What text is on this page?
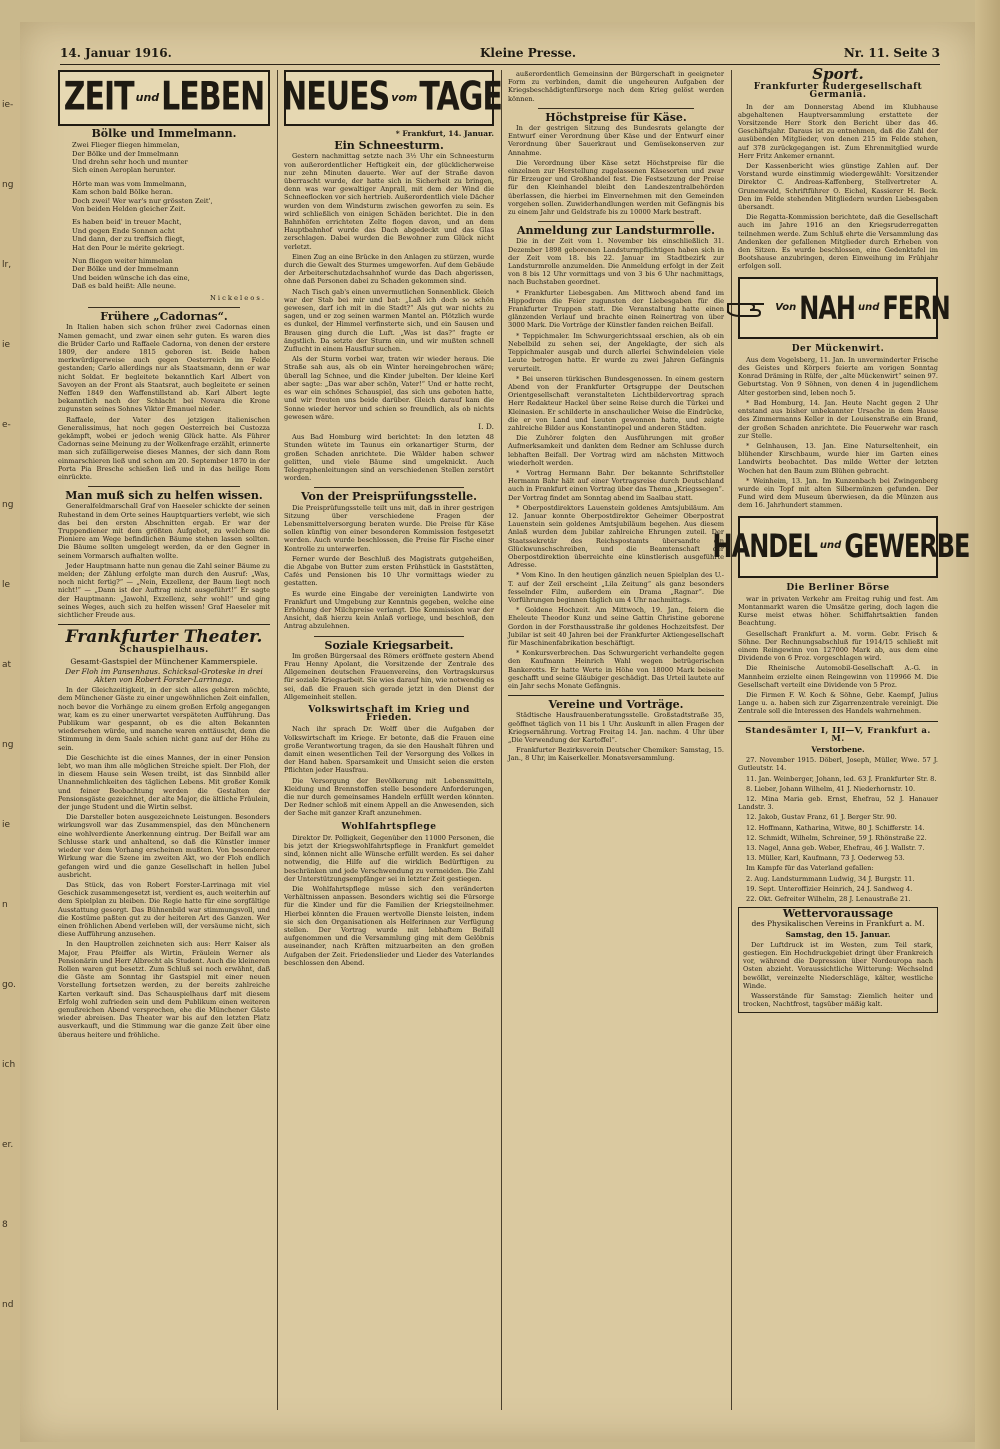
ie-
ng
lr,
ie
e-
ng
le
at
ng
ie
n
go.
ich
er.
8
nd
14. Januar 1916.	Kleine Presse.	Nr. 11. Seite 3
ZEIT und LEBEN
Bölke und Immelmann.
Zwei Flieger fliegen himmelan,
Der Bölke und der Immelmann
Und drehn sehr hoch und munter
Sich einen Aeroplan herunter.
Hörte man was vom Immelmann,
Kam schon bald Bölke heran.
Doch zwei! Wer war's nur grössten Zeit',
Von beiden Helden gleicher Zeit.
Es haben beid' in treuer Macht,
Und gegen Ende Sonnen acht
Und dann, der zu treffsich fliegt,
Hat den Pour le mérite gekriegt.
Nun fliegen weiter himmelan
Der Bölke und der Immelmann
Und beiden wünsche ich das eine,
Daß es bald heißt: Alle neune.
Nickeleos.
Frühere „Cadornas“.

In Italien haben sich schon früher zwei Cadornas einen Namen gemacht, und zwar einen sehr guten. Es waren dies die Brüder Carlo und Raffaele Cadorna, von denen der erstere 1809, der andere 1815 geboren ist. Beide haben merkwürdigerweise auch gegen Oesterreich im Felde gestanden; Carlo allerdings nur als Staatsmann, denn er war nicht Soldat. Er begleitete bekanntlich Karl Albert von Savoyen an der Front als Staatsrat, auch begleitete er seinen Neffen 1849 den Waffenstillstand ab. Karl Albert legte bekanntlich nach der Schlacht bei Novara die Krone zugunsten seines Sohnes Viktor Emanuel nieder.

Raffaele, der Vater des jetzigen italienischen Generalissimus, hat noch gegen Oesterreich bei Custozza gekämpft, wobei er jedoch wenig Glück hatte. Als Führer Cadornas seine Meinung zu der Wolkenfrage erzählt, erinnerte man sich zufälligerweise dieses Mannes, der sich dann Rom einmarschieren ließ und schon am 20. September 1870 in der Porta Pia Bresche schießen ließ und in das heilige Rom einrückte.

Man muß sich zu helfen wissen.

Generalfeldmarschall Graf von Haeseler schickte der seinen Ruhestand in dem Orte seines Hauptquartiers verlebt, wie sich das bei den ersten Abschnitten ergab. Er war der Truppendiener mit dem größten Aufgebot, zu welchem die Pioniere am Wege befindlichen Bäume stehen lassen sollten. Die Bäume sollten umgelegt werden, da er den Gegner in seinem Vormarsch aufhalten wollte.

Jeder Hauptmann hatte nun genau die Zahl seiner Bäume zu melden; der Zählung erfolgte man durch den Ausruf: „Was, noch nicht fertig?“ — „Nein, Exzellenz, der Baum liegt noch nicht!“ — „Dann ist der Auftrag nicht ausgeführt!“ Er sagte der Hauptmann: „Jawohl, Exzellenz, sehr wohl!“ und ging seines Weges, auch sich zu helfen wissen! Graf Haeseler mit sichtlicher Freude aus.

Frankfurter Theater.
Schauspielhaus.
Gesamt-Gastspiel der Münchener Kammerspiele.
Der Floh im Pansenhaus. Schicksal-Groteske in drei Akten von Robert Forster-Larrinaga.

In der Gleichzeitigkeit, in der sich alles gebären möchte, dem Münchener Gäste zu einer ungewöhnlichen Zeit einfallen, noch bevor die Vorhänge zu einem großen Erfolg angegangen war, kam es zu einer unerwartet verspäteten Aufführung. Das Publikum war gespannt, ob es die alten Bekannten wiedersehen würde, und manche waren enttäuscht, denn die Stimmung in dem Saale schien nicht ganz auf der Höhe zu sein.

Die Geschichte ist die eines Mannes, der in einer Pension lebt, wo man ihm alle möglichen Streiche spielt. Der Floh, der in diesem Hause sein Wesen treibt, ist das Sinnbild aller Unannehmlichkeiten des täglichen Lebens. Mit großer Komik und feiner Beobachtung werden die Gestalten der Pensionsgäste gezeichnet, der alte Major, die ältliche Fräulein, der junge Student und die Wirtin selbst.

Die Darsteller boten ausgezeichnete Leistungen. Besonders wirkungsvoll war das Zusammenspiel, das den Münchenern eine wohlverdiente Anerkennung eintrug. Der Beifall war am Schlusse stark und anhaltend, so daß die Künstler immer wieder vor dem Vorhang erscheinen mußten. Von besonderer Wirkung war die Szene im zweiten Akt, wo der Floh endlich gefangen wird und die ganze Gesellschaft in hellen Jubel ausbricht.

Das Stück, das von Robert Forster-Larrinaga mit viel Geschick zusammengesetzt ist, verdient es, auch weiterhin auf dem Spielplan zu bleiben. Die Regie hatte für eine sorgfältige Ausstattung gesorgt. Das Bühnenbild war stimmungsvoll, und die Kostüme paßten gut zu der heiteren Art des Ganzen. Wer einen fröhlichen Abend verleben will, der versäume nicht, sich diese Aufführung anzusehen.

In den Hauptrollen zeichneten sich aus: Herr Kaiser als Major, Frau Pfeiffer als Wirtin, Fräulein Werner als Pensionärin und Herr Albrecht als Student. Auch die kleineren Rollen waren gut besetzt. Zum Schluß sei noch erwähnt, daß die Gäste am Sonntag ihr Gastspiel mit einer neuen Vorstellung fortsetzen werden, zu der bereits zahlreiche Karten verkauft sind. Das Schauspielhaus darf mit diesem Erfolg wohl zufrieden sein und dem Publikum einen weiteren genußreichen Abend versprechen, ehe die Münchener Gäste wieder abreisen. Das Theater war bis auf den letzten Platz ausverkauft, und die Stimmung war die ganze Zeit über eine überaus heitere und fröhliche.

NEUES vom TAGE
* Frankfurt, 14. Januar.
Ein Schneesturm.

Gestern nachmittag setzte nach 3½ Uhr ein Schneesturm von außerordentlicher Heftigkeit ein, der glücklicherweise nur zehn Minuten dauerte. Wer auf der Straße davon überrascht wurde, der hatte sich in Sicherheit zu bringen, denn was war gewaltiger Anprall, mit dem der Wind die Schneeflocken vor sich hertrieb. Außerordentlich viele Dächer wurden von dem Windsturm zwischen geworfen zu sein. Es wird schließlich von einigen Schäden berichtet. Die in den Bahnhöfen errichteten Zelte flogen davon, und an dem Hauptbahnhof wurde das Dach abgedeckt und das Glas zerschlagen. Dabei wurden die Bewohner zum Glück nicht verletzt.

Einen Zug an eine Brücke in den Anlagen zu stürzen, wurde durch die Gewalt des Sturmes umgeworfen. Auf dem Gebäude der Arbeiterschutzdachsahnhof wurde das Dach abgerissen, ohne daß Personen dabei zu Schaden gekommen sind.

Nach Tisch gab's einen unvermutlichen Sonnenblick. Gleich war der Stab bei mir und bat: „Laß ich doch so schön gewesen, darf ich mit in die Stadt?“ Als gut war nichts zu sagen, und er zog seinen warmen Mantel an. Plötzlich wurde es dunkel, der Himmel verfinsterte sich, und ein Sausen und Brausen ging durch die Luft. „Was ist das?“ fragte er ängstlich. Da setzte der Sturm ein, und wir mußten schnell Zuflucht in einem Hausflur suchen.

Als der Sturm vorbei war, traten wir wieder heraus. Die Straße sah aus, als ob ein Winter hereingebrochen wäre; überall lag Schnee, und die Kinder jubelten. Der kleine Kerl aber sagte: „Das war aber schön, Vater!“ Und er hatte recht, es war ein schönes Schauspiel, das sich uns geboten hatte, und wir freuten uns beide darüber. Gleich darauf kam die Sonne wieder hervor und schien so freundlich, als ob nichts gewesen wäre.

I. D.

Aus Bad Homburg wird berichtet: In den letzten 48 Stunden wütete im Taunus ein orkanartiger Sturm, der großen Schaden anrichtete. Die Wälder haben schwer gelitten, und viele Bäume sind umgeknickt. Auch Telegraphenleitungen sind an verschiedenen Stellen zerstört worden.

Von der Preisprüfungsstelle.

Die Preisprüfungsstelle teilt uns mit, daß in ihrer gestrigen Sitzung über verschiedene Fragen der Lebensmittelversorgung beraten wurde. Die Preise für Käse sollen künftig von einer besonderen Kommission festgesetzt werden. Auch wurde beschlossen, die Preise für Fische einer Kontrolle zu unterwerfen.

Ferner wurde der Beschluß des Magistrats gutgeheißen, die Abgabe von Butter zum ersten Frühstück in Gaststätten, Cafés und Pensionen bis 10 Uhr vormittags wieder zu gestatten.

Es wurde eine Eingabe der vereinigten Landwirte von Frankfurt und Umgebung zur Kenntnis gegeben, welche eine Erhöhung der Milchpreise verlangt. Die Kommission war der Ansicht, daß hierzu kein Anlaß vorliege, und beschloß, den Antrag abzulehnen.

Soziale Kriegsarbeit.

Im großen Bürgersaal des Römers eröffnete gestern Abend Frau Henny Apolant, die Vorsitzende der Zentrale des Allgemeinen deutschen Frauenvereins, den Vortragskursus für soziale Kriegsarbeit. Sie wies darauf hin, wie notwendig es sei, daß die Frauen sich gerade jetzt in den Dienst der Allgemeinheit stellen.

Volkswirtschaft im Krieg und Frieden.

Nach ihr sprach Dr. Wolff über die Aufgaben der Volkswirtschaft im Kriege. Er betonte, daß die Frauen eine große Verantwortung tragen, da sie den Haushalt führen und damit einen wesentlichen Teil der Versorgung des Volkes in der Hand haben. Sparsamkeit und Umsicht seien die ersten Pflichten jeder Hausfrau.

Die Versorgung der Bevölkerung mit Lebensmitteln, Kleidung und Brennstoffen stelle besondere Anforderungen, die nur durch gemeinsames Handeln erfüllt werden könnten. Der Redner schloß mit einem Appell an die Anwesenden, sich der Sache mit ganzer Kraft anzunehmen.

Wohlfahrtspflege

Direktor Dr. Polligkeit, Gegenüber den 11000 Personen, die bis jetzt der Kriegswohlfahrtspflege in Frankfurt gemeldet sind, können nicht alle Wünsche erfüllt werden. Es sei daher notwendig, die Hilfe auf die wirklich Bedürftigen zu beschränken und jede Verschwendung zu vermeiden. Die Zahl der Unterstützungsempfänger sei in letzter Zeit gestiegen.

Die Wohlfahrtspflege müsse sich den veränderten Verhältnissen anpassen. Besonders wichtig sei die Fürsorge für die Kinder und für die Familien der Kriegsteilnehmer. Hierbei könnten die Frauen wertvolle Dienste leisten, indem sie sich den Organisationen als Helferinnen zur Verfügung stellen. Der Vortrag wurde mit lebhaftem Beifall aufgenommen und die Versammlung ging mit dem Gelöbnis auseinander, nach Kräften mitzuarbeiten an den großen Aufgaben der Zeit. Friedenslieder und Lieder des Vaterlandes beschlossen den Abend.

außerordentlich Gemeinsinn der Bürgerschaft in geeigneter Form zu verbinden, damit die ungeheuren Aufgaben der Kriegsbeschädigtenfürsorge nach dem Krieg gelöst werden können.

Höchstpreise für Käse.

In der gestrigen Sitzung des Bundesrats gelangte der Entwurf einer Verordnung über Käse und der Entwurf einer Verordnung über Sauerkraut und Gemüsekonserven zur Annahme.

Die Verordnung über Käse setzt Höchstpreise für die einzelnen zur Herstellung zugelassenen Käsesorten und zwar für Erzeuger und Großhandel fest. Die Festsetzung der Preise für den Kleinhandel bleibt den Landeszentralbehörden überlassen, die hierbei im Einvernehmen mit den Gemeinden vorgehen sollen. Zuwiderhandlungen werden mit Gefängnis bis zu einem Jahr und Geldstrafe bis zu 10000 Mark bestraft.

Anmeldung zur Landsturmrolle.

Die in der Zeit vom 1. November bis einschließlich 31. Dezember 1898 geborenen Landsturmpflichtigen haben sich in der Zeit vom 18. bis 22. Januar im Stadtbezirk zur Landsturmrolle anzumelden. Die Anmeldung erfolgt in der Zeit von 8 bis 12 Uhr vormittags und von 3 bis 6 Uhr nachmittags, nach Buchstaben geordnet.

* Frankfurter Liebesgaben. Am Mittwoch abend fand im Hippodrom die Feier zugunsten der Liebesgaben für die Frankfurter Truppen statt. Die Veranstaltung hatte einen glänzenden Verlauf und brachte einen Reinertrag von über 3000 Mark. Die Vorträge der Künstler fanden reichen Beifall.

* Teppichmaler. Im Schwurgerichtssaal erschien, als ob ein Nebelbild zu sehen sei, der Angeklagte, der sich als Teppichmaler ausgab und durch allerlei Schwindeleien viele Leute betrogen hatte. Er wurde zu zwei Jahren Gefängnis verurteilt.

* Bei unseren türkischen Bundesgenossen. In einem gestern Abend von der Frankfurter Ortsgruppe der Deutschen Orientgesellschaft veranstalteten Lichtbildervortrag sprach Herr Redakteur Hackel über seine Reise durch die Türkei und Kleinasien. Er schilderte in anschaulicher Weise die Eindrücke, die er von Land und Leuten gewonnen hatte, und zeigte zahlreiche Bilder aus Konstantinopel und anderen Städten.

Die Zuhörer folgten den Ausführungen mit großer Aufmerksamkeit und dankten dem Redner am Schlusse durch lebhaften Beifall. Der Vortrag wird am nächsten Mittwoch wiederholt werden.

* Vortrag Hermann Bahr. Der bekannte Schriftsteller Hermann Bahr hält auf einer Vortragsreise durch Deutschland auch in Frankfurt einen Vortrag über das Thema „Kriegssegen“. Der Vortrag findet am Sonntag abend im Saalbau statt.

* Oberpostdirektors Lauenstein goldenes Amtsjubiläum. Am 12. Januar konnte Oberpostdirektor Geheimer Oberpostrat Lauenstein sein goldenes Amtsjubiläum begehen. Aus diesem Anlaß wurden dem Jubilar zahlreiche Ehrungen zuteil. Der Staatssekretär des Reichspostamts übersandte ein Glückwunschschreiben, und die Beamtenschaft der Oberpostdirektion überreichte eine künstlerisch ausgeführte Adresse.

* Vom Kino. In den heutigen gänzlich neuen Spielplan des U.-T. auf der Zeil erscheint „Lila Zeitung“ als ganz besonders fesselnder Film, außerdem ein Drama „Ragnar“. Die Vorführungen beginnen täglich um 4 Uhr nachmittags.

* Goldene Hochzeit. Am Mittwoch, 19. Jan., feiern die Eheleute Theodor Kunz und seine Gattin Christine geborene Gordon in der Forsthausstraße ihr goldenes Hochzeitsfest. Der Jubilar ist seit 40 Jahren bei der Frankfurter Aktiengesellschaft für Maschinenfabrikation beschäftigt.

* Konkursverbrechen. Das Schwurgericht verhandelte gegen den Kaufmann Heinrich Wahl wegen betrügerischen Bankerotts. Er hatte Werte in Höhe von 18000 Mark beiseite geschafft und seine Gläubiger geschädigt. Das Urteil lautete auf ein Jahr sechs Monate Gefängnis.

Vereine und Vorträge.

Städtische Hausfrauenberatungsstelle. Großstadtstraße 35, geöffnet täglich von 11 bis 1 Uhr. Auskunft in allen Fragen der Kriegsernährung. Vortrag Freitag 14. Jan. nachm. 4 Uhr über „Die Verwendung der Kartoffel“.

Frankfurter Bezirksverein Deutscher Chemiker: Samstag, 15. Jan., 8 Uhr, im Kaiserkeller. Monatsversammlung.

Sport.
Frankfurter Rudergesellschaft Germania.

In der am Donnerstag Abend im Klubhause abgehaltenen Hauptversammlung erstattete der Vorsitzende Herr Stork den Bericht über das 46. Geschäftsjahr. Daraus ist zu entnehmen, daß die Zahl der ausübenden Mitglieder, von denen 215 im Felde stehen, auf 378 zurückgegangen ist. Zum Ehrenmitglied wurde Herr Fritz Ankemer ernannt.

Der Kassenbericht wies günstige Zahlen auf. Der Vorstand wurde einstimmig wiedergewählt: Vorsitzender Direktor C. Andreas-Kaffenberg, Stellvertreter A. Grunenwald, Schriftführer O. Eichel, Kassierer H. Beck. Den im Felde stehenden Mitgliedern wurden Liebesgaben übersandt.

Die Regatta-Kommission berichtete, daß die Gesellschaft auch im Jahre 1916 an den Kriegsruderregatten teilnehmen werde. Zum Schluß ehrte die Versammlung das Andenken der gefallenen Mitglieder durch Erheben von den Sitzen. Es wurde beschlossen, eine Gedenktafel im Bootshause anzubringen, deren Einweihung im Frühjahr erfolgen soll.

Von NAH und FERN
Der Mückenwirt.

Aus dem Vogelsberg, 11. Jan. In unverminderter Frische des Geistes und Körpers feierte am vorigen Sonntag Konrad Dräming in Rülfe, der „alte Mückenwirt“ seinen 97. Geburtstag. Von 9 Söhnen, von denen 4 in jugendlichem Alter gestorben sind, leben noch 5.

* Bad Homburg, 14. Jan. Heute Nacht gegen 2 Uhr entstand aus bisher unbekannter Ursache in dem Hause des Zimmermanns Keller in der Louisenstraße ein Brand, der großen Schaden anrichtete. Die Feuerwehr war rasch zur Stelle.

* Gelnhausen, 13. Jan. Eine Naturseltenheit, ein blühender Kirschbaum, wurde hier im Garten eines Landwirts beobachtet. Das milde Wetter der letzten Wochen hat den Baum zum Blühen gebracht.

* Weinheim, 13. Jan. Im Kunzenbach bei Zwingenberg wurde ein Topf mit alten Silbermünzen gefunden. Der Fund wird dem Museum überwiesen, da die Münzen aus dem 16. Jahrhundert stammen.

HANDEL und GEWERBE
Die Berliner Börse

war in privaten Verkehr am Freitag ruhig und fest. Am Montanmarkt waren die Umsätze gering, doch lagen die Kurse meist etwas höher. Schiffahrtsaktien fanden Beachtung.

Gesellschaft Frankfurt a. M. vorm. Gebr. Frisch & Söhne. Der Rechnungsabschluß für 1914/15 schließt mit einem Reingewinn von 127000 Mark ab, aus dem eine Dividende von 6 Proz. vorgeschlagen wird.

Die Rheinische Automobil-Gesellschaft A.-G. in Mannheim erzielte einen Reingewinn von 119966 M. Die Gesellschaft verteilt eine Dividende von 5 Proz.

Die Firmen F. W. Koch & Söhne, Gebr. Kaempf, Julius Lange u. a. haben sich zur Zigarrenzentrale vereinigt. Die Zentrale soll die Interessen des Handels wahrnehmen.

Standesämter I, III—V, Frankfurt a. M.
Verstorbene.

27. November 1915. Döberl, Joseph, Müller, Wwe. 57 J. Gutleutstr. 14.

11. Jan. Weinberger, Johann, led. 63 J. Frankfurter Str. 8.

8. Lieber, Johann Wilhelm, 41 J. Niederhornstr. 10.

12. Mina Maria geb. Ernst, Ehefrau, 52 J. Hanauer Landstr. 3.

12. Jakob, Gustav Franz, 61 J. Berger Str. 90.

12. Hoffmann, Katharina, Witwe, 80 J. Schifferstr. 14.

12. Schmidt, Wilhelm, Schreiner, 59 J. Rhönstraße 22.

13. Nagel, Anna geb. Weber, Ehefrau, 46 J. Wallstr. 7.

13. Müller, Karl, Kaufmann, 73 J. Oederweg 53.

Im Kampfe für das Vaterland gefallen:

2. Aug. Landsturmmann Ludwig, 34 J. Burgstr. 11.

19. Sept. Unteroffizier Heinrich, 24 J. Sandweg 4.

22. Okt. Gefreiter Wilhelm, 28 J. Lenaustraße 21.

Wettervoraussage
des Physikalischen Vereins in Frankfurt a. M.
Samstag, den 15. Januar.

Der Luftdruck ist im Westen, zum Teil stark, gestiegen. Ein Hochdruckgebiet dringt über Frankreich vor, während die Depression über Nordeuropa nach Osten abzieht. Voraussichtliche Witterung: Wechselnd bewölkt, vereinzelte Niederschläge, kälter, westliche Winde.

Wasserstände für Samstag: Ziemlich heiter und trocken, Nachtfrost, tagsüber mäßig kalt.
